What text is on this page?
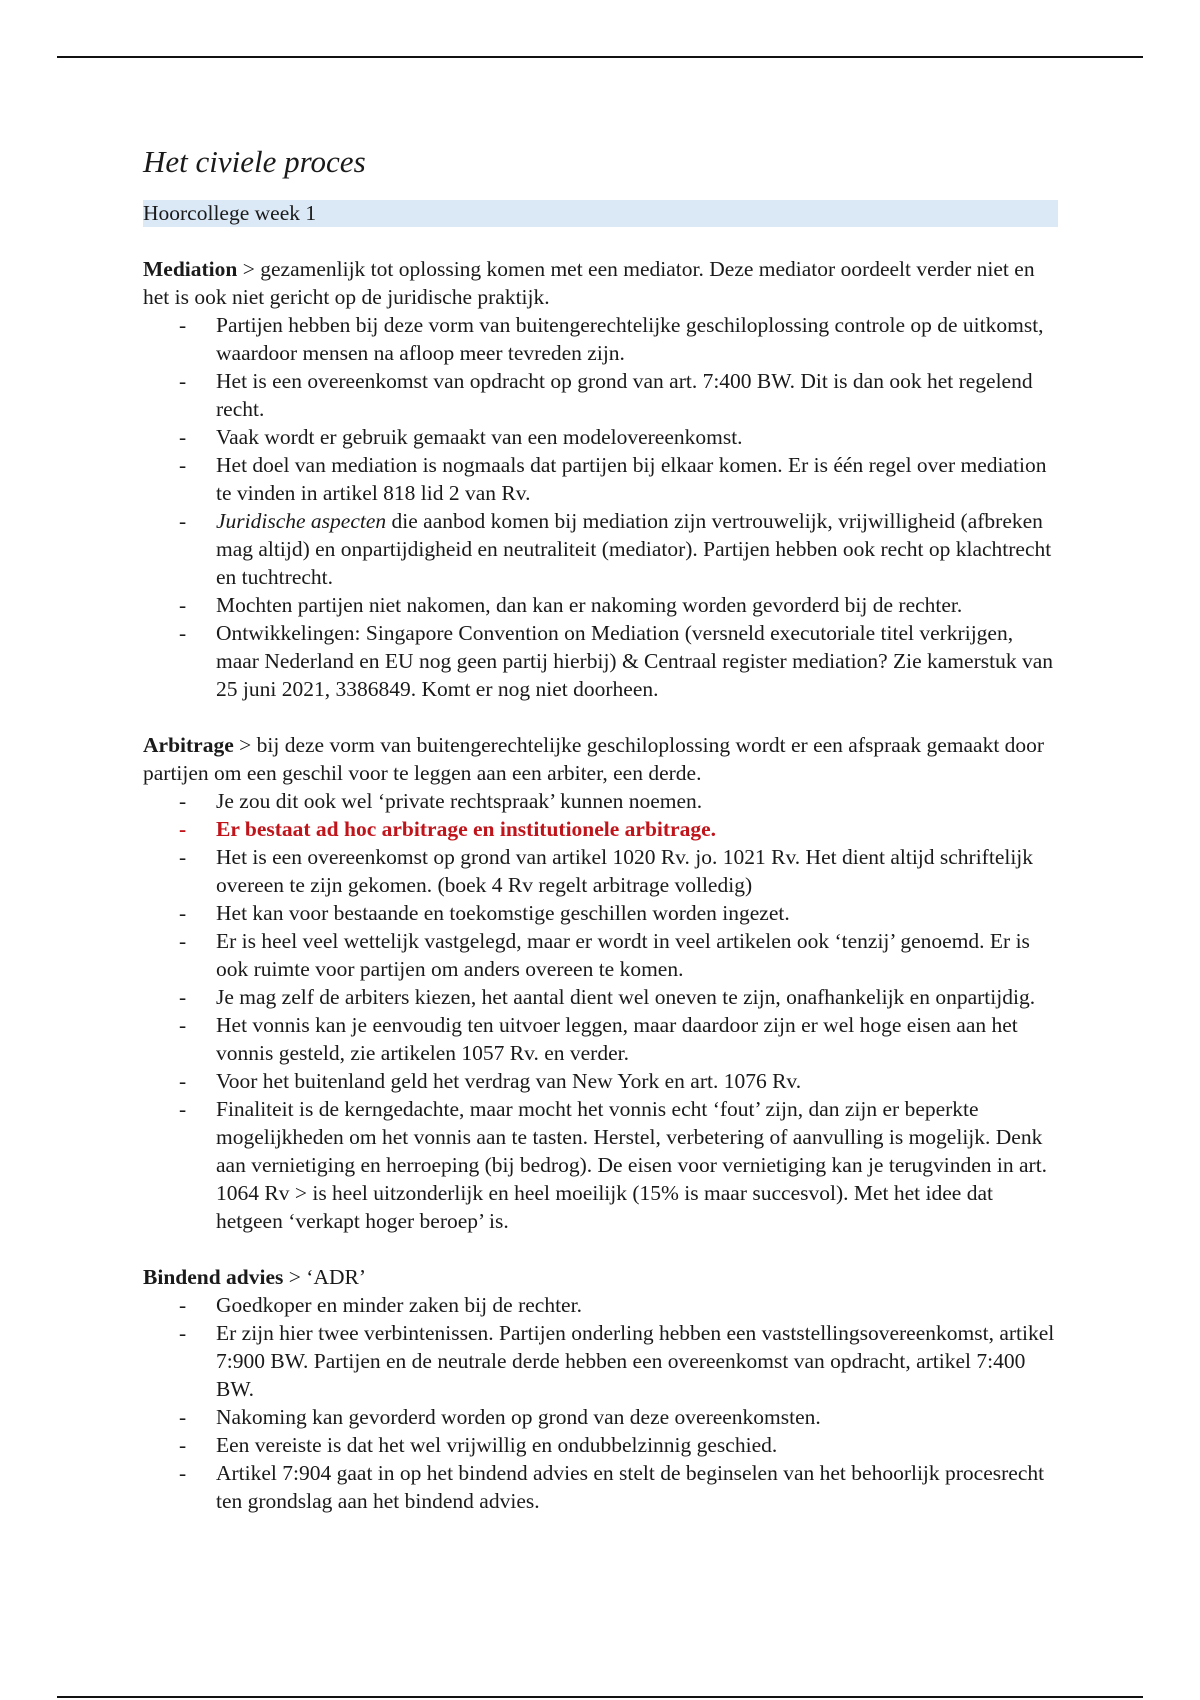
Het civiele proces
Hoorcollege week 1

Mediation > gezamenlijk tot oplossing komen met een mediator. Deze mediator oordeelt verder niet en het is ook niet gericht op de juridische praktijk.

- Partijen hebben bij deze vorm van buitengerechtelijke geschiloplossing controle op de uitkomst, waardoor mensen na afloop meer tevreden zijn.
- Het is een overeenkomst van opdracht op grond van art. 7:400 BW. Dit is dan ook het regelend recht.
- Vaak wordt er gebruik gemaakt van een modelovereenkomst.
- Het doel van mediation is nogmaals dat partijen bij elkaar komen. Er is één regel over mediation te vinden in artikel 818 lid 2 van Rv.
- Juridische aspecten die aanbod komen bij mediation zijn vertrouwelijk, vrijwilligheid (afbreken mag altijd) en onpartijdigheid en neutraliteit (mediator). Partijen hebben ook recht op klachtrecht en tuchtrecht.
- Mochten partijen niet nakomen, dan kan er nakoming worden gevorderd bij de rechter.
- Ontwikkelingen: Singapore Convention on Mediation (versneld executoriale titel verkrijgen, maar Nederland en EU nog geen partij hierbij) & Centraal register mediation? Zie kamerstuk van 25 juni 2021, 3386849. Komt er nog niet doorheen.

Arbitrage > bij deze vorm van buitengerechtelijke geschiloplossing wordt er een afspraak gemaakt door partijen om een geschil voor te leggen aan een arbiter, een derde.

- Je zou dit ook wel ‘private rechtspraak’ kunnen noemen.
- Er bestaat ad hoc arbitrage en institutionele arbitrage.
- Het is een overeenkomst op grond van artikel 1020 Rv. jo. 1021 Rv. Het dient altijd schriftelijk overeen te zijn gekomen. (boek 4 Rv regelt arbitrage volledig)
- Het kan voor bestaande en toekomstige geschillen worden ingezet.
- Er is heel veel wettelijk vastgelegd, maar er wordt in veel artikelen ook ‘tenzij’ genoemd. Er is ook ruimte voor partijen om anders overeen te komen.
- Je mag zelf de arbiters kiezen, het aantal dient wel oneven te zijn, onafhankelijk en onpartijdig.
- Het vonnis kan je eenvoudig ten uitvoer leggen, maar daardoor zijn er wel hoge eisen aan het vonnis gesteld, zie artikelen 1057 Rv. en verder.
- Voor het buitenland geld het verdrag van New York en art. 1076 Rv.
- Finaliteit is de kerngedachte, maar mocht het vonnis echt ‘fout’ zijn, dan zijn er beperkte mogelijkheden om het vonnis aan te tasten. Herstel, verbetering of aanvulling is mogelijk. Denk aan vernietiging en herroeping (bij bedrog). De eisen voor vernietiging kan je terugvinden in art. 1064 Rv > is heel uitzonderlijk en heel moeilijk (15% is maar succesvol). Met het idee dat hetgeen ‘verkapt hoger beroep’ is.

Bindend advies > ‘ADR’

- Goedkoper en minder zaken bij de rechter.
- Er zijn hier twee verbintenissen. Partijen onderling hebben een vaststellingsovereenkomst, artikel 7:900 BW. Partijen en de neutrale derde hebben een overeenkomst van opdracht, artikel 7:400 BW.
- Nakoming kan gevorderd worden op grond van deze overeenkomsten.
- Een vereiste is dat het wel vrijwillig en ondubbelzinnig geschied.
- Artikel 7:904 gaat in op het bindend advies en stelt de beginselen van het behoorlijk procesrecht ten grondslag aan het bindend advies.
